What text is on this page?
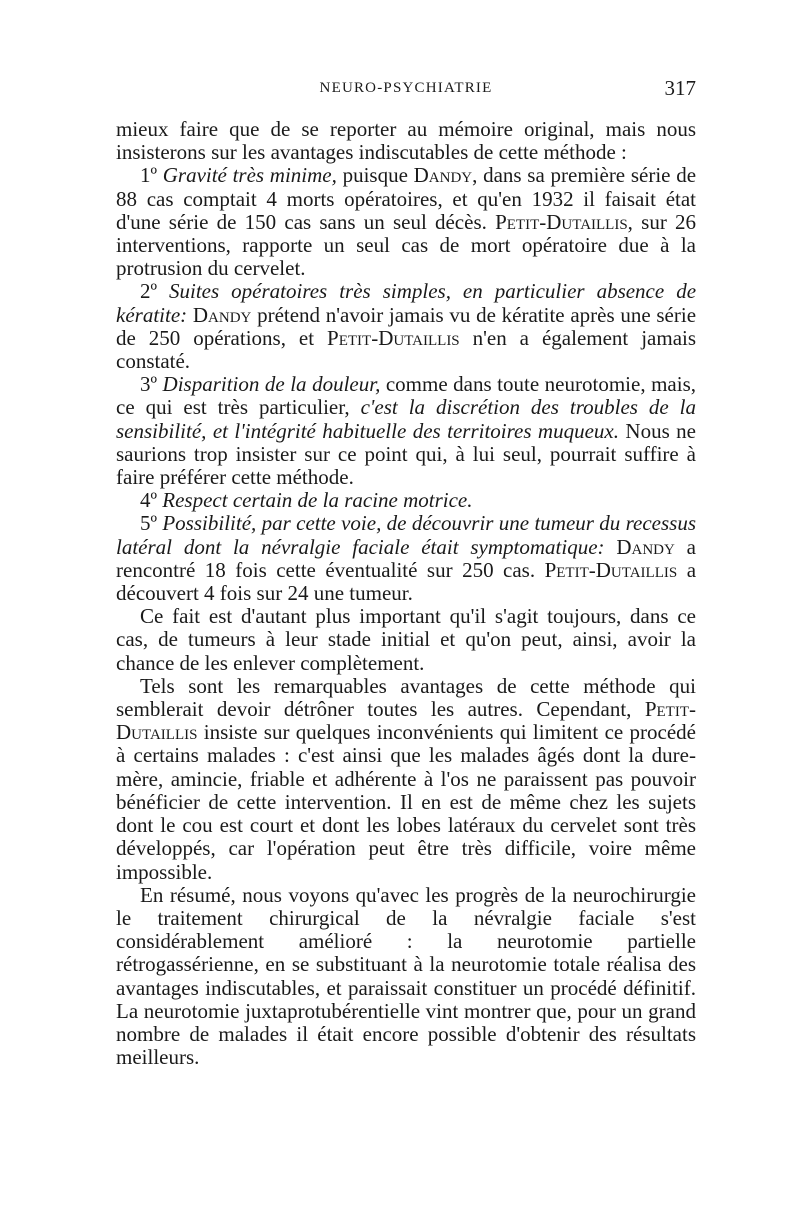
NEURO-PSYCHIATRIE	317

mieux faire que de se reporter au mémoire original, mais nous insisterons sur les avantages indiscutables de cette méthode :

1º Gravité très minime, puisque Dandy, dans sa première série de 88 cas comptait 4 morts opératoires, et qu'en 1932 il faisait état d'une série de 150 cas sans un seul décès. Petit-Dutaillis, sur 26 interventions, rapporte un seul cas de mort opératoire due à la protrusion du cervelet.

2º Suites opératoires très simples, en particulier absence de kératite: Dandy prétend n'avoir jamais vu de kératite après une série de 250 opérations, et Petit-Dutaillis n'en a également jamais constaté.

3º Disparition de la douleur, comme dans toute neurotomie, mais, ce qui est très particulier, c'est la discrétion des troubles de la sensibilité, et l'intégrité habituelle des territoires muqueux. Nous ne saurions trop insister sur ce point qui, à lui seul, pourrait suffire à faire préférer cette méthode.

4º Respect certain de la racine motrice.

5º Possibilité, par cette voie, de découvrir une tumeur du recessus latéral dont la névralgie faciale était symptomatique: Dandy a rencontré 18 fois cette éventualité sur 250 cas. Petit-Dutaillis a découvert 4 fois sur 24 une tumeur.

Ce fait est d'autant plus important qu'il s'agit toujours, dans ce cas, de tumeurs à leur stade initial et qu'on peut, ainsi, avoir la chance de les enlever complètement.

Tels sont les remarquables avantages de cette méthode qui semblerait devoir détrôner toutes les autres. Cependant, Petit-Dutaillis insiste sur quelques inconvénients qui limitent ce procédé à certains malades : c'est ainsi que les malades âgés dont la dure-mère, amincie, friable et adhérente à l'os ne paraissent pas pouvoir bénéficier de cette intervention. Il en est de même chez les sujets dont le cou est court et dont les lobes latéraux du cervelet sont très développés, car l'opération peut être très difficile, voire même impossible.

En résumé, nous voyons qu'avec les progrès de la neurochirurgie le traitement chirurgical de la névralgie faciale s'est considérablement amélioré : la neurotomie partielle rétrogassérienne, en se substituant à la neurotomie totale réalisa des avantages indiscutables, et paraissait constituer un procédé définitif. La neurotomie juxtaprotubérentielle vint montrer que, pour un grand nombre de malades il était encore possible d'obtenir des résultats meilleurs.
